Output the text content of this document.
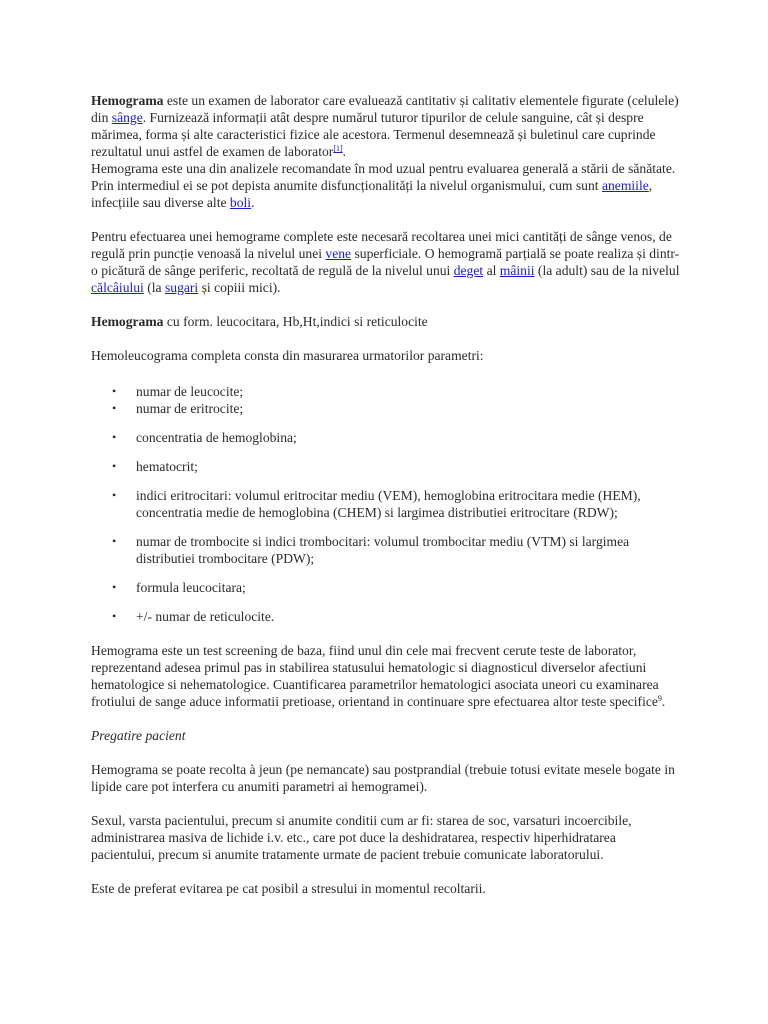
Hemograma este un examen de laborator care evaluează cantitativ și calitativ elementele figurate (celulele) din sânge. Furnizează informații atât despre numărul tuturor tipurilor de celule sanguine, cât și despre mărimea, forma și alte caracteristici fizice ale acestora. Termenul desemnează și buletinul care cuprinde rezultatul unui astfel de examen de laborator[1].
Hemograma este una din analizele recomandate în mod uzual pentru evaluarea generală a stării de sănătate. Prin intermediul ei se pot depista anumite disfuncționalități la nivelul organismului, cum sunt anemiile, infecțiile sau diverse alte boli.

Pentru efectuarea unei hemograme complete este necesară recoltarea unei mici cantități de sânge venos, de regulă prin puncție venoasă la nivelul unei vene superficiale. O hemogramă parțială se poate realiza și dintr-o picătură de sânge periferic, recoltată de regulă de la nivelul unui deget al mâinii (la adult) sau de la nivelul călcâiului (la sugari și copiii mici).

Hemograma cu form. leucocitara, Hb,Ht,indici si reticulocite

Hemoleucograma completa consta din masurarea urmatorilor parametri:

• numar de leucocite;
• numar de eritrocite;
• concentratia de hemoglobina;
• hematocrit;
• indici eritrocitari: volumul eritrocitar mediu (VEM), hemoglobina eritrocitara medie (HEM), concentratia medie de hemoglobina (CHEM) si largimea distributiei eritrocitare (RDW);
• numar de trombocite si indici trombocitari: volumul trombocitar mediu (VTM) si largimea distributiei trombocitare (PDW);
• formula leucocitara;
• +/- numar de reticulocite.

Hemograma este un test screening de baza, fiind unul din cele mai frecvent cerute teste de laborator, reprezentand adesea primul pas in stabilirea statusului hematologic si diagnosticul diverselor afectiuni hematologice si nehematologice. Cuantificarea parametrilor hematologici asociata uneori cu examinarea frotiului de sange aduce informatii pretioase, orientand in continuare spre efectuarea altor teste specifice$^9$.

Pregatire pacient

Hemograma se poate recolta à jeun (pe nemancate) sau postprandial (trebuie totusi evitate mesele bogate in lipide care pot interfera cu anumiti parametri ai hemogramei).

Sexul, varsta pacientului, precum si anumite conditii cum ar fi: starea de soc, varsaturi incoercibile, administrarea masiva de lichide i.v. etc., care pot duce la deshidratarea, respectiv hiperhidratarea pacientului, precum si anumite tratamente urmate de pacient trebuie comunicate laboratorului.

Este de preferat evitarea pe cat posibil a stresului in momentul recoltarii.
